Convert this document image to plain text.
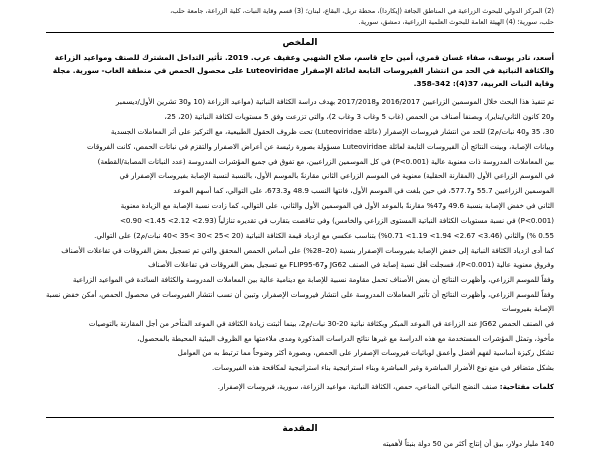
(2) المركز الدولي للبحوث الزراعية في المناطق الجافة (إيكاردا)، محطة تربل، البقاع، لبنان؛ (3) قسم وقاية النبات، كلية الزراعة، جامعة حلب،
حلب، سورية؛ (4) الهيئة العامة للبحوث العلمية الزراعية، دمشق، سورية.
الملخص
أسعد، نادر يوسف، صفاء غسان قمري، أمين حاج قاسم، صلاح الشهبي وعفيف عرب. 2019. تأثير التداخل المشترك للصنف ومواعيد الزراعة
والكثافة النباتية في الحد من انتشار الفيروسات التابعة لعائلة الإصفرار Luteoviridae على محصول الحمص في منطقة الغاب- سورية. مجلة
وقاية النبات العربية، 37(4): 342-358.

تم تنفيذ هذا البحث خلال الموسمين الزراعيين 2016/2017 و2017/2018 بهدف دراسة الكثافة النباتية (مواعيد الزراعة (10 و30 تشرين الأول/ديسمبر

و20 كانون الثاني/يناير)، وبصنفا أصناف من الحمص (غاب 5 وغاب 3 وغاب 2)، والتي تزرعت وفق 5 مستويات لكثافة النباتية (20، 25،

30، 35 و40 نبات/م2) للحد من انتشار فيروسات الإصفرار (عائلة Luteoviridae) تحت ظروف الحقول الطبيعية، مع التركيز على أثر المعاملات الجسدية

وبيانات الإصابة، وبينت النتائج أن الفيروسات التابعة لعائلة Luteoviridae مسؤولة بصورة رئيسة عن أعراض الاصفرار والتقزم في نباتات الحمص، كانت الفروقات

بين المعاملات المدروسة ذات معنوية عالية (0.001>P) في كل الموسمين الزراعيين، مع تفوق في جميع المؤشرات المدروسة (عدد النباتات المصابة/القطعة)

في الموسم الزراعي الأول (المقارنة الحقلية) معنوية في الموسم الزراعي الثاني مقارنةً بالموسم الأول، بالنسبة لنسبة الإصابة بفيروسات الإصفرار في

الموسمين الزراعيين 55.7 و577.7، في حين بلغت في الموسم الأول، فانتها النسب 48.9 و673.3، على التوالي، كما أسهم الموعد

الثاني في خفض الإصابة بنسبة 49.6 و47% مقارنةً بالموعد الأول في الموسمين الأول والثاني، على التوالي، كما زادت نسبة الإصابة مع الزيادة معنوية

(0.001>P) في نسبة مستويات الكثافة النباتية المستوى الزراعي والخامس) وفي تناقصت بتقارب في تقديره تنازلياً (2.93> 2.12> 1.45> 0.90>

0.55 %) والثاني (3.46> 2.67> 1.94> 1.19> 0.71%) بتناسب عكسي مع ازدياد قيمة الكثافة النباتية (20 >25 >30 >35 >40 نبات/م2) على التوالي.

كما أدى ازدياد الكثافة النباتية إلى خفض الإصابة بفيروسات الإصفرار بنسبة (20–28%) على أساس الحمص المحقق والتي تم تسجيل بعض الفروقات في تفاعلات الأصناف

وفروق معنوية عالية (0.001>P)، فسجلت أقل نسبة إصابة في الصنف JG62 وFLIP95-67 مع تسجيل بعض الفروقات في تفاعلات الأصناف

وفقاً للموسم الزراعي، وأظهرت النتائج أن بعض الأصناف تحمل مقاومة نسبية للإصابة مع دينامية عالية بين المعاملات المدروسة والكثافة السائدة في المواعيد الزراعية

وفقاً للموسم الزراعي، وأظهرت النتائج أن تأثير المعاملات المدروسة على انتشار فيروسات الإصفرار، وتبين أن نسب انتشار الفيروسات في محصول الحمص، أمكن خفض نسبة الإصابة بفيروسات

في الصنف الحمص JG62 عند الزراعة في الموعد المبكر وبكثافة نباتية 20-30 نبات/م2، بينما أثبتت زيادة الكثافة في الموعد المتأخر من أجل المقارنة بالتوصيات

مأخوذ، وتمثل المؤشرات المستخدمة مع هذه الدراسة مع غيرها نتائج الدراسات المذكورة ومدى ملاءمتها مع الظروف البيئية المحيطة بالمحصول،

تشكل ركيزة أساسية لفهم أفضل وأعمق لوبائيات فيروسات الإصفرار على الحمص، وبصورة أكثر وضوحاً مما ترتبط به من العوامل

بشكل متضافر في منع نوع الأضرار المباشرة وغير المباشرة وبناء استراتيجية بناء استراتيجية لمكافحة هذه الفيروسات.

كلمات مفتاحية: صنف النضج النباتي المناعي، حمص، الكثافة النباتية، مواعيد الزراعة، سورية، فيروسات الإصفرار.
المقدمة
140 مليار دولار، بيق أن إنتاج أكثر من 50 دولة بنبتاً لأهميته
